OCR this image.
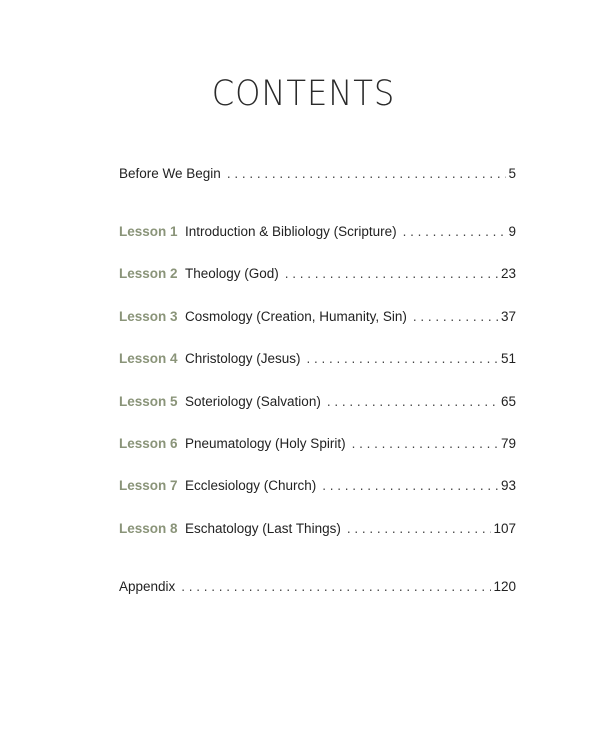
CONTENTS
Before We Begin . . .	5
Lesson 1 Introduction & Bibliology (Scripture) . . .	9
Lesson 2 Theology (God) . . .	23
Lesson 3 Cosmology (Creation, Humanity, Sin) . . .	37
Lesson 4 Christology (Jesus) . . .	51
Lesson 5 Soteriology (Salvation) . . .	65
Lesson 6 Pneumatology (Holy Spirit) . . .	79
Lesson 7 Ecclesiology (Church) . . .	93
Lesson 8 Eschatology (Last Things) . . .	107
Appendix . . .	120
